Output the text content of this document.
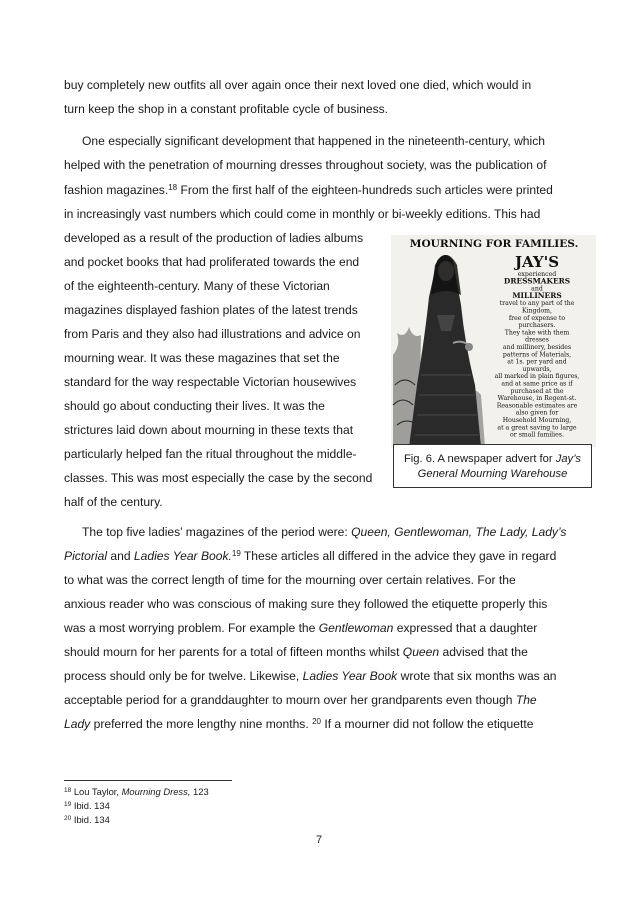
buy completely new outfits all over again once their next loved one died, which would in
turn keep the shop in a constant profitable cycle of business.
One especially significant development that happened in the nineteenth-century, which
helped with the penetration of mourning dresses throughout society, was the publication of
fashion magazines.$^{18}$ From the first half of the eighteen-hundreds such articles were printed
in increasingly vast numbers which could come in monthly or bi-weekly editions. This had
developed as a result of the production of ladies albums
and pocket books that had proliferated towards the end
of the eighteenth-century. Many of these Victorian
magazines displayed fashion plates of the latest trends
from Paris and they also had illustrations and advice on
mourning wear. It was these magazines that set the
standard for the way respectable Victorian housewives
should go about conducting their lives. It was the
strictures laid down about mourning in these texts that
particularly helped fan the ritual throughout the middle-
classes. This was most especially the case by the second
half of the century.
The top five ladies’ magazines of the period were: Queen, Gentlewoman, The Lady, Lady’s
Pictorial and Ladies Year Book.$^{19}$ These articles all differed in the advice they gave in regard
to what was the correct length of time for the mourning over certain relatives. For the
anxious reader who was conscious of making sure they followed the etiquette properly this
was a most worrying problem. For example the Gentlewoman expressed that a daughter
should mourn for her parents for a total of fifteen months whilst Queen advised that the
process should only be for twelve. Likewise, Ladies Year Book wrote that six months was an
acceptable period for a granddaughter to mourn over her grandparents even though The
Lady preferred the more lengthy nine months. $^{20}$ If a mourner did not follow the etiquette
MOURNING FOR FAMILIES.
JAY'S
experienced
DRESSMAKERS
and
MILLINERS
travel to any part of the
Kingdom,
free of expense to
purchasers.
They take with them
dresses
and millinery, besides
patterns of Materials,
at 1s. per yard and
upwards,
all marked in plain figures,
and at same price as if
purchased at the
Warehouse, in Regent-st.
Reasonable estimates are
also given for
Household Mourning,
at a great saving to large
or small families.
Fig. 6. A newspaper advert for Jay’s
General Mourning Warehouse
$^{18}$ Lou Taylor, Mourning Dress, 123
$^{19}$ Ibid. 134
$^{20}$ Ibid. 134
7
